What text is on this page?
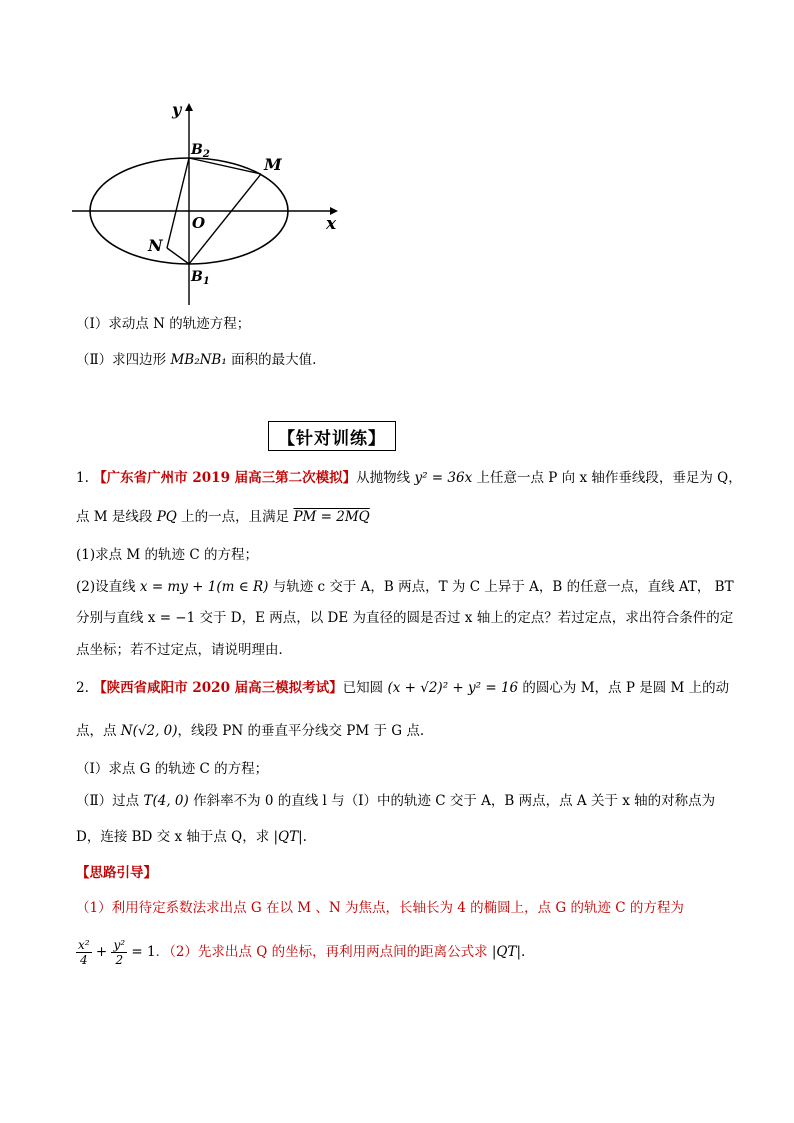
y
x
O
M
N
$B_2$
$B_1$
（Ⅰ）求动点 N 的轨迹方程；
（Ⅱ）求四边形 MB₂NB₁ 面积的最大值.
【针对训练】
1. 【广东省广州市 2019 届高三第二次模拟】从抛物线 y² = 36x 上任意一点 P 向 x 轴作垂线段，垂足为 Q，
点 M 是线段 PQ 上的一点，且满足 PM = 2MQ
(1)求点 M 的轨迹 C 的方程；
(2)设直线 x = my + 1(m ∈ R) 与轨迹 c 交于 A，B 两点，T 为 C 上异于 A，B 的任意一点，直线 AT， BT
分别与直线 x = −1 交于 D，E 两点，以 DE 为直径的圆是否过 x 轴上的定点？若过定点，求出符合条件的定
点坐标；若不过定点，请说明理由．
2. 【陕西省咸阳市 2020 届高三模拟考试】已知圆 (x + √2)² + y² = 16 的圆心为 M，点 P 是圆 M 上的动
点，点 N(√2, 0)，线段 PN 的垂直平分线交 PM 于 G 点.
（Ⅰ）求点 G 的轨迹 C 的方程；
（Ⅱ）过点 T(4, 0) 作斜率不为 0 的直线 l 与（Ⅰ）中的轨迹 C 交于 A，B 两点，点 A 关于 x 轴的对称点为
D，连接 BD 交 x 轴于点 Q，求 |QT|.
【思路引导】
（1）利用待定系数法求出点 G 在以 M 、N 为焦点，长轴长为 4 的椭圆上，点 G 的轨迹 C 的方程为
$\frac{\text{x²}}{4} + \frac{\text{y²}}{2} = 1$．（2）先求出点 Q 的坐标，再利用两点间的距离公式求 |QT|.
